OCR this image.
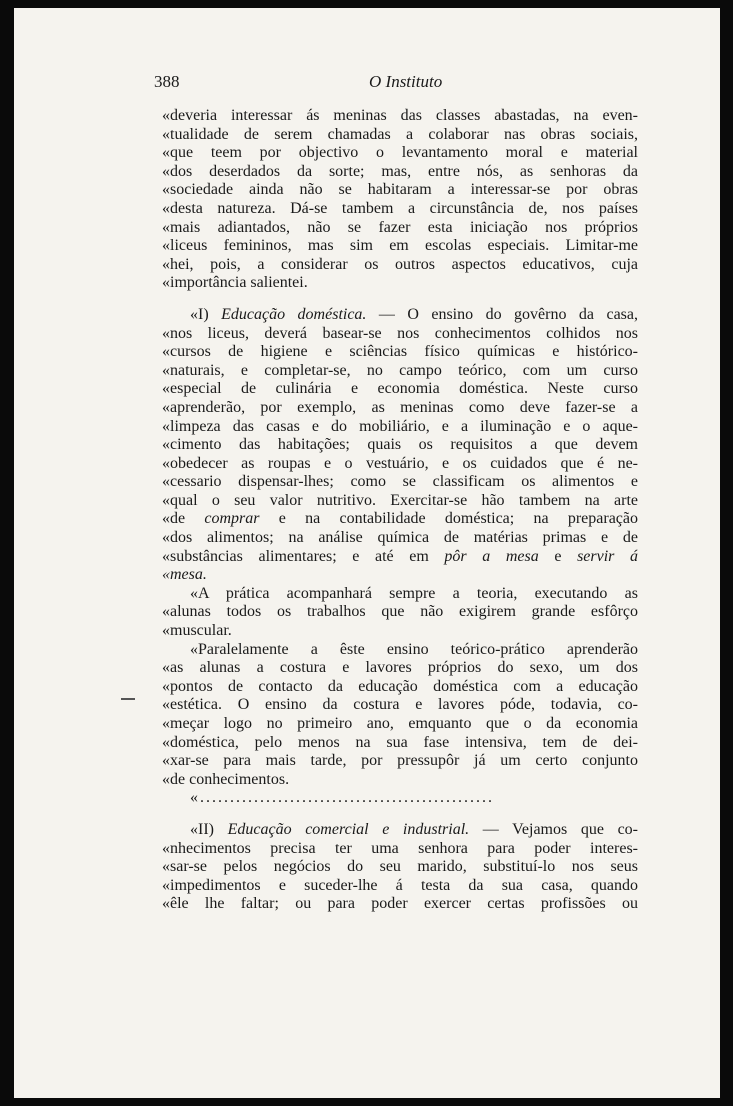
388	O Instituto
«deveria interessar ás meninas das classes abastadas, na even-
«tualidade de serem chamadas a colaborar nas obras sociais,
«que teem por objectivo o levantamento moral e material
«dos deserdados da sorte; mas, entre nós, as senhoras da
«sociedade ainda não se habitaram a interessar-se por obras
«desta natureza. Dá-se tambem a circunstância de, nos países
«mais adiantados, não se fazer esta iniciação nos próprios
«liceus femininos, mas sim em escolas especiais. Limitar-me
«hei, pois, a considerar os outros aspectos educativos, cuja
«importância salientei.
«I) Educação doméstica. — O ensino do govêrno da casa,
«nos liceus, deverá basear-se nos conhecimentos colhidos nos
«cursos de higiene e sciências físico químicas e histórico-
«naturais, e completar-se, no campo teórico, com um curso
«especial de culinária e economia doméstica. Neste curso
«aprenderão, por exemplo, as meninas como deve fazer-se a
«limpeza das casas e do mobiliário, e a iluminação e o aque-
«cimento das habitações; quais os requisitos a que devem
«obedecer as roupas e o vestuário, e os cuidados que é ne-
«cessario dispensar-lhes; como se classificam os alimentos e
«qual o seu valor nutritivo. Exercitar-se hão tambem na arte
«de comprar e na contabilidade doméstica; na preparação
«dos alimentos; na análise química de matérias primas e de
«substâncias alimentares; e até em pôr a mesa e servir á
«mesa.
«A prática acompanhará sempre a teoria, executando as
«alunas todos os trabalhos que não exigirem grande esfôrço
«muscular.
«Paralelamente a êste ensino teórico-prático aprenderão
«as alunas a costura e lavores próprios do sexo, um dos
«pontos de contacto da educação doméstica com a educação
«estética. O ensino da costura e lavores póde, todavia, co-
«meçar logo no primeiro ano, emquanto que o da economia
«doméstica, pelo menos na sua fase intensiva, tem de dei-
«xar-se para mais tarde, por pressupôr já um certo conjunto
«de conhecimentos.
«.................................................
«II) Educação comercial e industrial. — Vejamos que co-
«nhecimentos precisa ter uma senhora para poder interes-
«sar-se pelos negócios do seu marido, substituí-lo nos seus
«impedimentos e suceder-lhe á testa da sua casa, quando
«êle lhe faltar; ou para poder exercer certas profissões ou
